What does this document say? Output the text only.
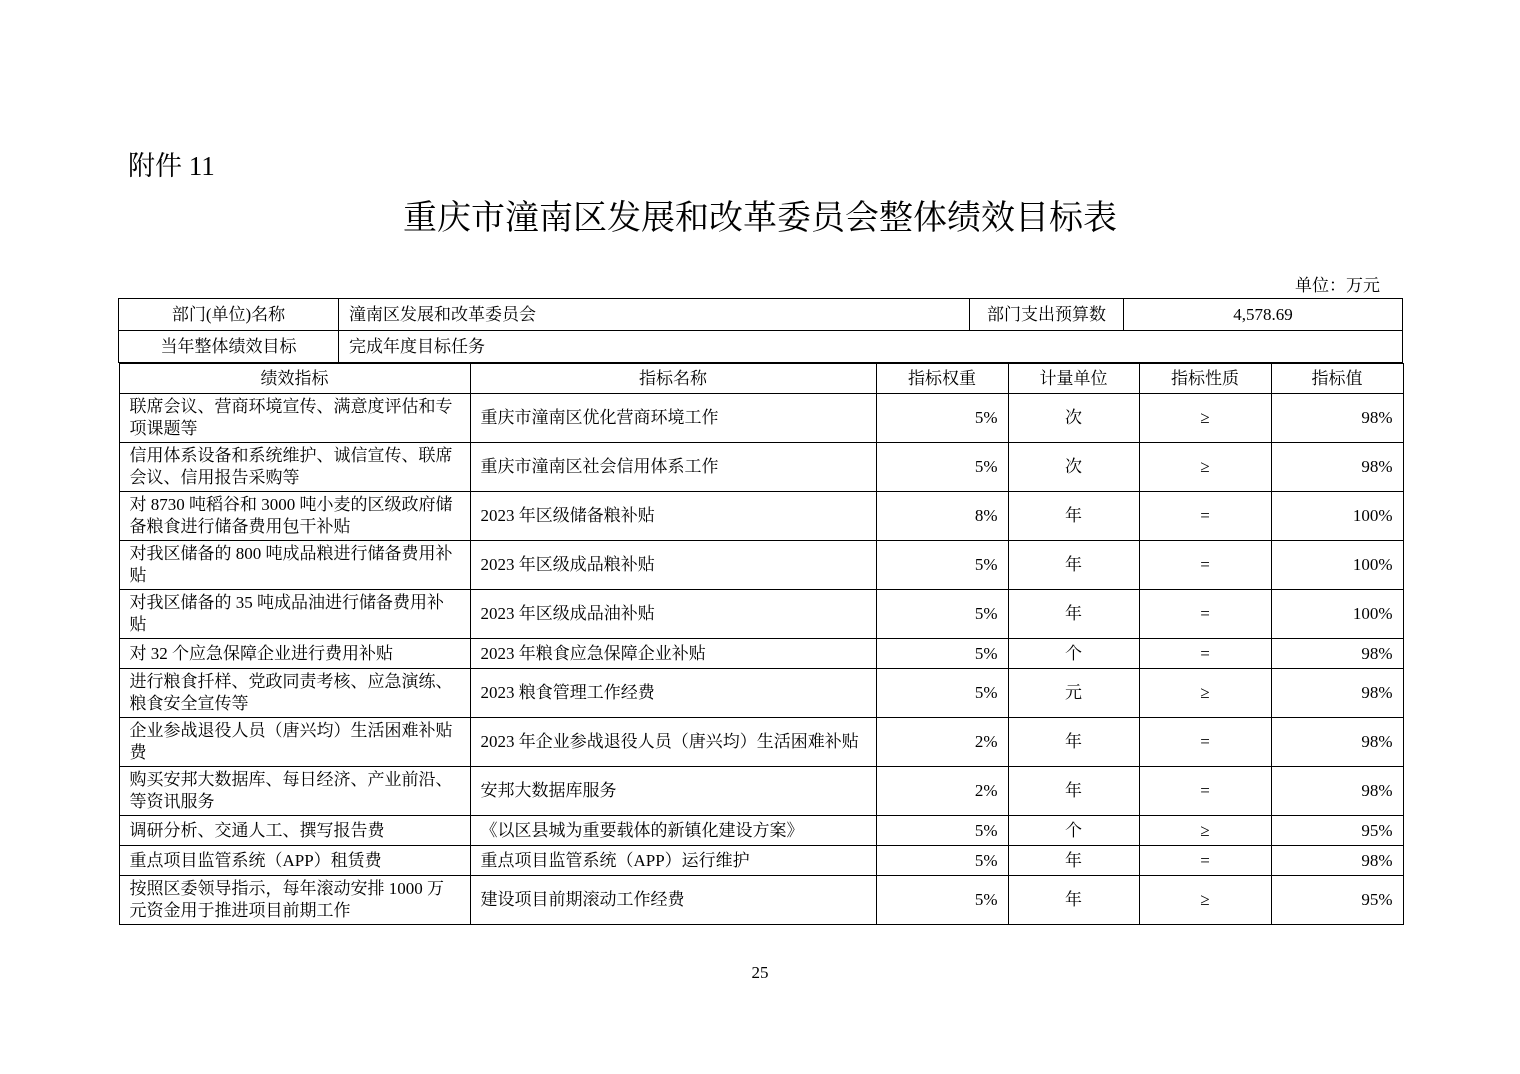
附件 11
重庆市潼南区发展和改革委员会整体绩效目标表
单位：万元
部门(单位)名称	潼南区发展和改革委员会	部门支出预算数	4,578.69
当年整体绩效目标	完成年度目标任务

绩效指标	指标名称	指标权重	计量单位	指标性质	指标值
联席会议、营商环境宣传、满意度评估和专项课题等	重庆市潼南区优化营商环境工作	5%	次	≥	98%
信用体系设备和系统维护、诚信宣传、联席会议、信用报告采购等	重庆市潼南区社会信用体系工作	5%	次	≥	98%
对 8730 吨稻谷和 3000 吨小麦的区级政府储备粮食进行储备费用包干补贴	2023 年区级储备粮补贴	8%	年	=	100%
对我区储备的 800 吨成品粮进行储备费用补贴	2023 年区级成品粮补贴	5%	年	=	100%
对我区储备的 35 吨成品油进行储备费用补贴	2023 年区级成品油补贴	5%	年	=	100%
对 32 个应急保障企业进行费用补贴	2023 年粮食应急保障企业补贴	5%	个	=	98%
进行粮食扦样、党政同责考核、应急演练、粮食安全宣传等	2023 粮食管理工作经费	5%	元	≥	98%
企业参战退役人员（唐兴均）生活困难补贴费	2023 年企业参战退役人员（唐兴均）生活困难补贴	2%	年	=	98%
购买安邦大数据库、每日经济、产业前沿、等资讯服务	安邦大数据库服务	2%	年	=	98%
调研分析、交通人工、撰写报告费	《以区县城为重要载体的新镇化建设方案》	5%	个	≥	95%
重点项目监管系统（APP）租赁费	重点项目监管系统（APP）运行维护	5%	年	=	98%
按照区委领导指示，每年滚动安排 1000 万元资金用于推进项目前期工作	建设项目前期滚动工作经费	5%	年	≥	95%
25
